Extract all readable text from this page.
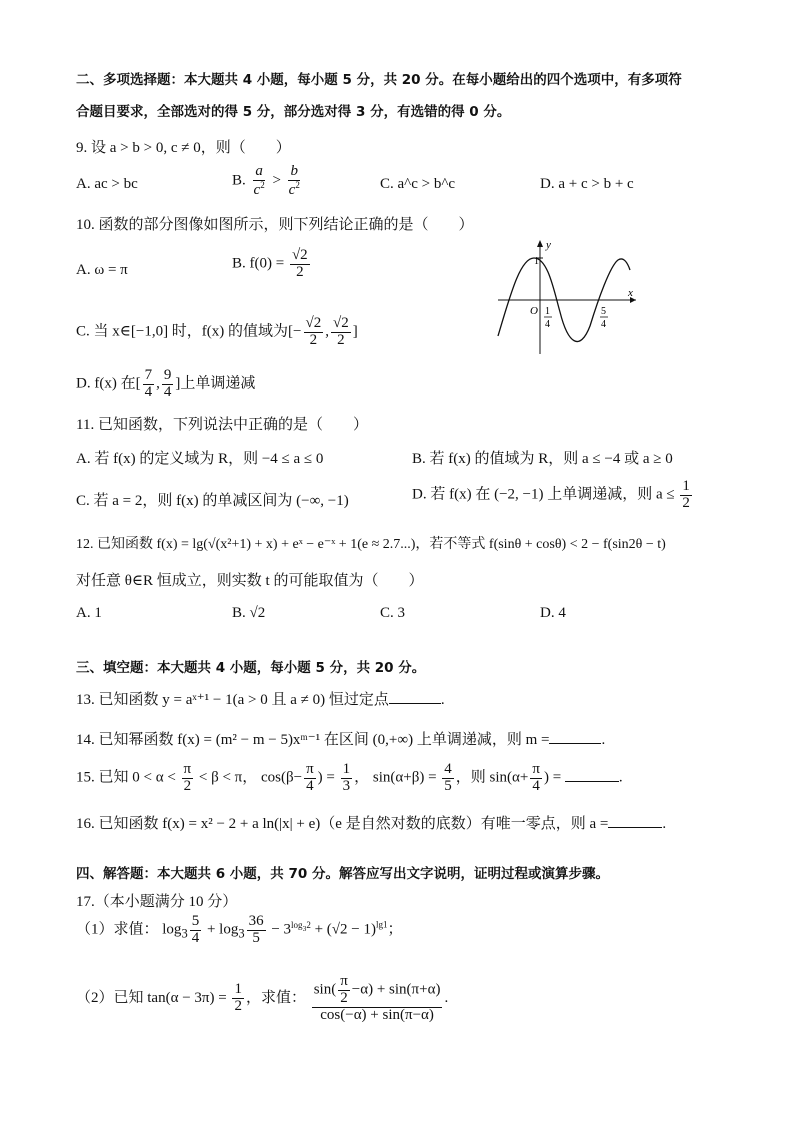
二、多项选择题：本大题共 4 小题，每小题 5 分，共 20 分。在每小题给出的四个选项中，有多项符
合题目要求，全部选对的得 5 分，部分选对得 3 分，有选错的得 0 分。
9. 设 a > b > 0, c ≠ 0，则（　　）
A. ac > bc	B. $\frac{a}{c^2} > \frac{b}{c^2}$	C. a^c > b^c	D. a + c > b + c
10. 函数的部分图像如图所示，则下列结论正确的是（　　）
A. ω = π	B. $f(0) = \frac{√2}{2}$
C. 当 x∈[−1,0] 时，f(x) 的值域为[− $\frac{√2}{2}$ , $\frac{√2}{2}$ ]
D. f(x) 在[ $\frac{7}{4}$ , $\frac{9}{4}$ ]上单调递减
y
x
O
1
1
4
5
4
11. 已知函数，下列说法中正确的是（　　）
A. 若 f(x) 的定义域为 R，则 −4 ≤ a ≤ 0	B. 若 f(x) 的值域为 R，则 a ≤ −4 或 a ≥ 0
C. 若 a = 2，则 f(x) 的单减区间为 (−∞, −1)	D. 若 f(x) 在 (−2, −1) 上单调递减，则 $a \le \frac{1}{2}$
12. 已知函数 f(x) = lg(√(x²+1) + x) + eˣ − e⁻ˣ + 1(e ≈ 2.7...)，若不等式 f(sinθ + cosθ) < 2 − f(sin2θ − t)
对任意 θ∈R 恒成立，则实数 t 的可能取值为（　　）
A. 1	B. √2	C. 3	D. 4
三、填空题：本大题共 4 小题，每小题 5 分，共 20 分。
13. 已知函数 y = aˣ⁺¹ − 1(a > 0 且 a ≠ 0) 恒过定点	.
14. 已知幂函数 f(x) = (m² − m − 5)xᵐ⁻¹ 在区间 (0,+∞) 上单调递减，则 m =	.
15. 已知 $0 < \alpha < \frac{\pi}{2} < \beta < \pi$， $\cos(\beta- \frac{\pi}{4}$ ) = $\frac{1}{3}$ ， $\sin(\alpha+\beta) = \frac{4}{5}$ ，则 $\sin(\alpha+ \frac{\pi}{4}$ ) =	.
16. 已知函数 f(x) = x² − 2 + a ln(|x| + e)（e 是自然对数的底数）有唯一零点，则 a =	.
四、解答题：本大题共 6 小题，共 70 分。解答应写出文字说明，证明过程或演算步骤。
17.（本小题满分 10 分）
（1）求值： $\log_3 \frac{5}{4} + \log_3 \frac{36}{5} - 3^{log_32} + (√2 - 1)^{lg1}$；
（2）已知 $\tan(\alpha - 3\pi) = \frac{1}{2}$ ，求值： $\frac{\sin( \frac{\pi}{2} -\alpha) + \sin(\pi+\alpha)}{\cos(-\alpha) + \sin(\pi-\alpha)}$ .
